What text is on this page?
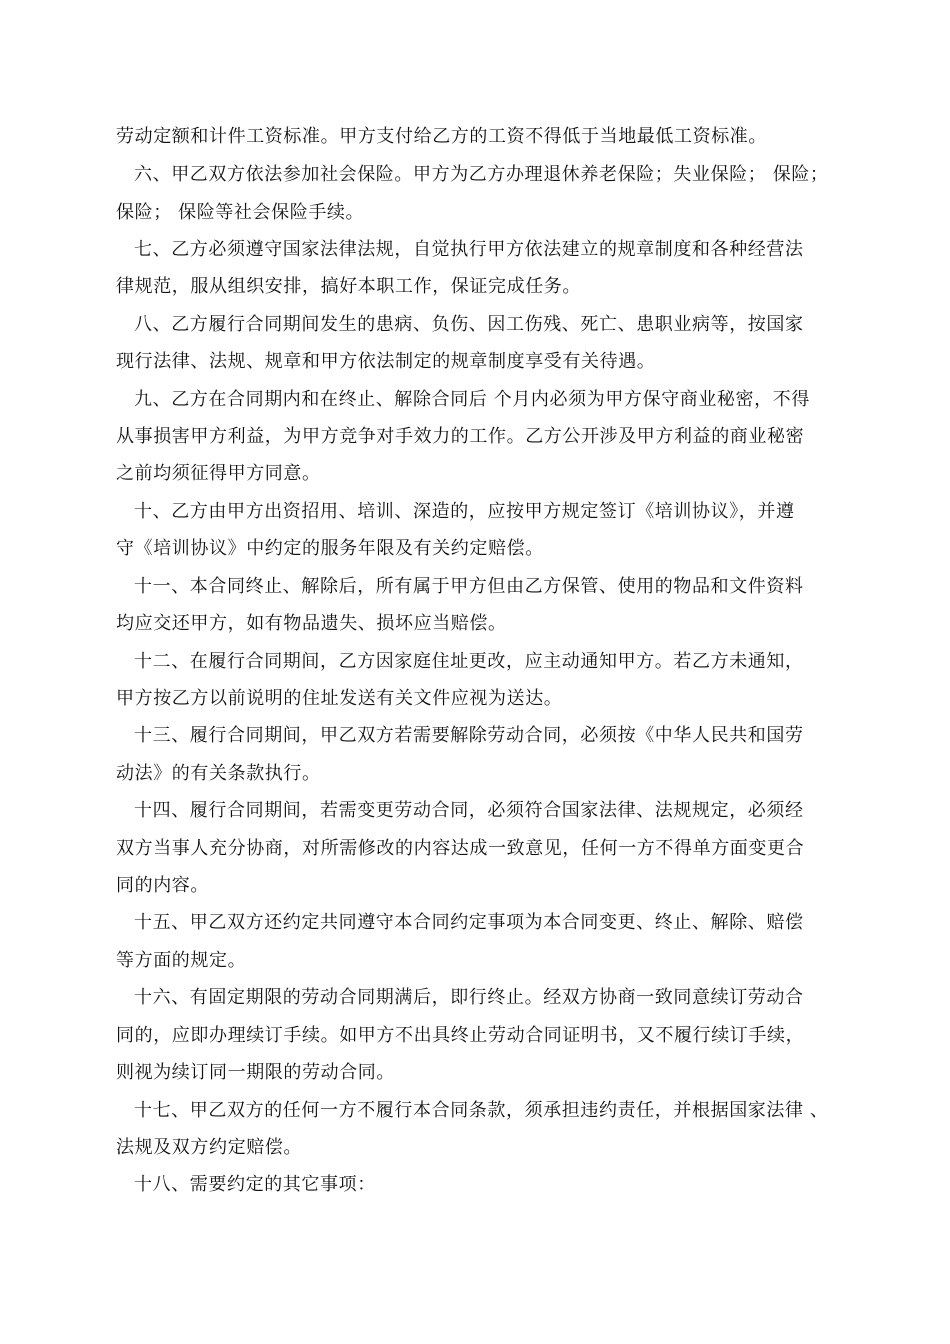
劳动定额和计件工资标准。甲方支付给乙方的工资不得低于当地最低工资标准。
六、甲乙双方依法参加社会保险。甲方为乙方办理退休养老保险；失业保险； 保险；
保险； 保险等社会保险手续。
七、乙方必须遵守国家法律法规，自觉执行甲方依法建立的规章制度和各种经营法
律规范，服从组织安排，搞好本职工作，保证完成任务。
八、乙方履行合同期间发生的患病、负伤、因工伤残、死亡、患职业病等，按国家
现行法律、法规、规章和甲方依法制定的规章制度享受有关待遇。
九、乙方在合同期内和在终止、解除合同后 个月内必须为甲方保守商业秘密，不得
从事损害甲方利益，为甲方竞争对手效力的工作。乙方公开涉及甲方利益的商业秘密
之前均须征得甲方同意。
十、乙方由甲方出资招用、培训、深造的，应按甲方规定签订《培训协议》，并遵
守《培训协议》中约定的服务年限及有关约定赔偿。
十一、本合同终止、解除后，所有属于甲方但由乙方保管、使用的物品和文件资料
均应交还甲方，如有物品遗失、损坏应当赔偿。
十二、在履行合同期间，乙方因家庭住址更改，应主动通知甲方。若乙方未通知，
甲方按乙方以前说明的住址发送有关文件应视为送达。
十三、履行合同期间，甲乙双方若需要解除劳动合同，必须按《中华人民共和国劳
动法》的有关条款执行。
十四、履行合同期间，若需变更劳动合同，必须符合国家法律、法规规定，必须经
双方当事人充分协商，对所需修改的内容达成一致意见，任何一方不得单方面变更合
同的内容。
十五、甲乙双方还约定共同遵守本合同约定事项为本合同变更、终止、解除、赔偿
等方面的规定。
十六、有固定期限的劳动合同期满后，即行终止。经双方协商一致同意续订劳动合
同的，应即办理续订手续。如甲方不出具终止劳动合同证明书，又不履行续订手续，
则视为续订同一期限的劳动合同。
十七、甲乙双方的任何一方不履行本合同条款，须承担违约责任，并根据国家法律 、
法规及双方约定赔偿。
十八、需要约定的其它事项：
